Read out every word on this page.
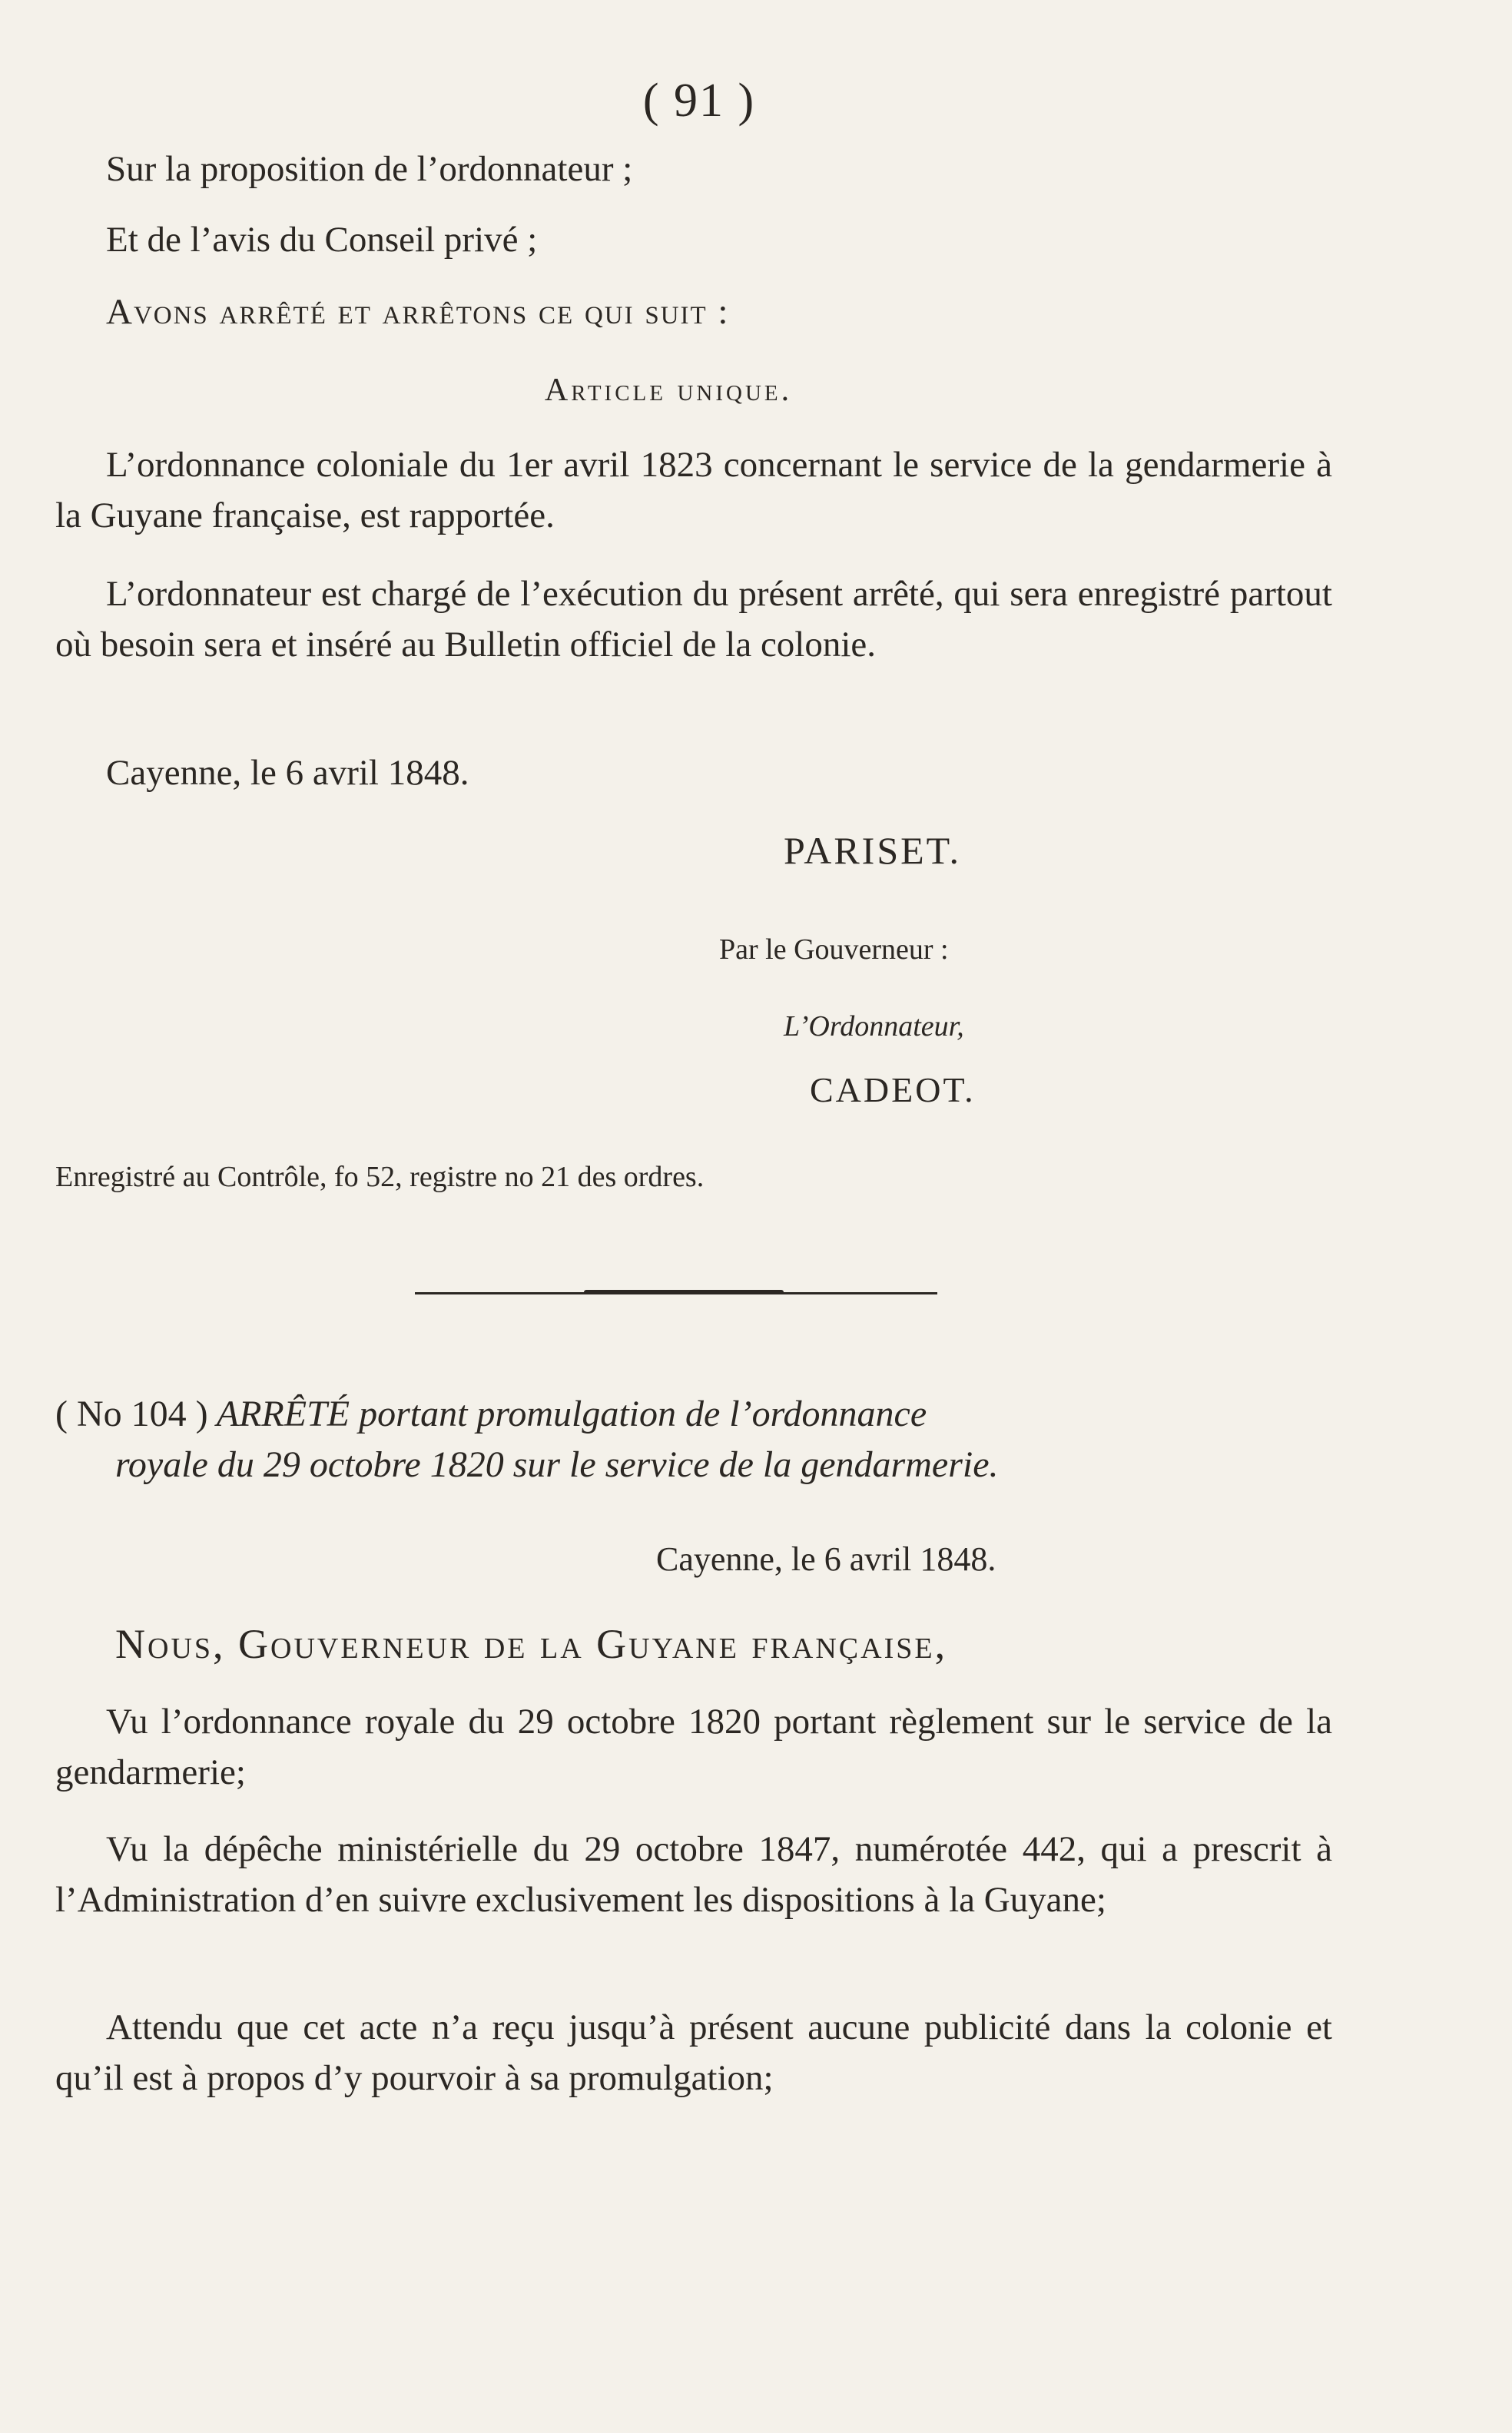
( 91 )
Sur la proposition de l’ordonnateur ;
Et de l’avis du Conseil privé ;
Avons arrêté et arrêtons ce qui suit :
Article unique.

L’ordonnance coloniale du 1er avril 1823 concernant le service de la gendarmerie à la Guyane française, est rapportée.

L’ordonnateur est chargé de l’exécution du présent arrêté, qui sera enregistré partout où besoin sera et inséré au Bulletin officiel de la colonie.

Cayenne, le 6 avril 1848.
PARISET.
Par le Gouverneur :
L’Ordonnateur,
CADEOT.
Enregistré au Contrôle, fo 52, registre no 21 des ordres.
( No 104 ) ARRÊTÉ portant promulgation de l’ordonnance
royale du 29 octobre 1820 sur le service de la gendarmerie.
Cayenne, le 6 avril 1848.
Nous, Gouverneur de la Guyane française,

Vu l’ordonnance royale du 29 octobre 1820 portant règlement sur le service de la gendarmerie;

Vu la dépêche ministérielle du 29 octobre 1847, numérotée 442, qui a prescrit à l’Administration d’en suivre exclusivement les dispositions à la Guyane;

Attendu que cet acte n’a reçu jusqu’à présent aucune publicité dans la colonie et qu’il est à propos d’y pourvoir à sa promulgation;
